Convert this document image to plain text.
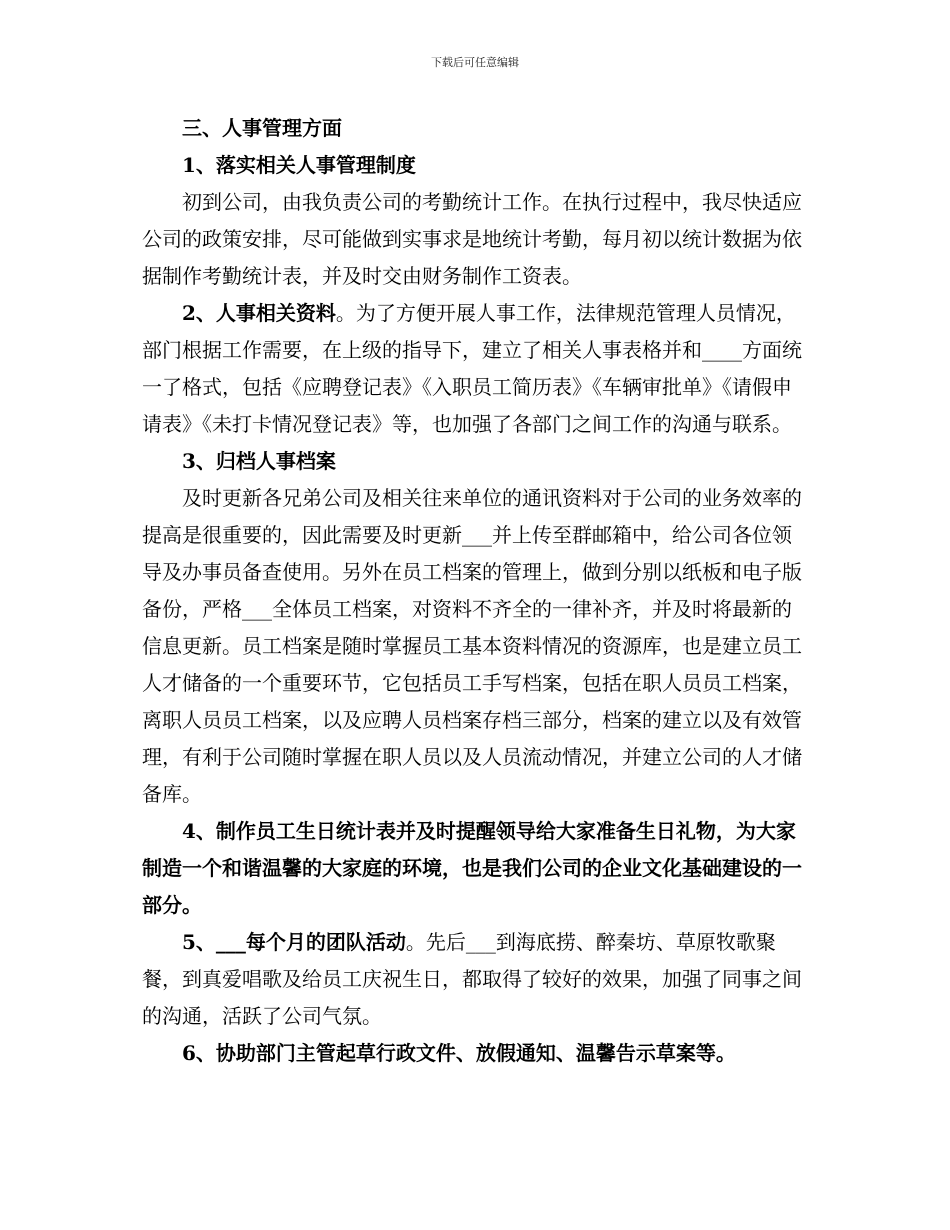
下载后可任意编辑

三、人事管理方面

1、落实相关人事管理制度

初到公司，由我负责公司的考勤统计工作。在执行过程中，我尽快适应公司的政策安排，尽可能做到实事求是地统计考勤，每月初以统计数据为依据制作考勤统计表，并及时交由财务制作工资表。

2、人事相关资料。为了方便开展人事工作，法律规范管理人员情况，部门根据工作需要，在上级的指导下，建立了相关人事表格并和____方面统一了格式，包括《应聘登记表》《入职员工简历表》《车辆审批单》《请假申请表》《未打卡情况登记表》等，也加强了各部门之间工作的沟通与联系。

3、归档人事档案

及时更新各兄弟公司及相关往来单位的通讯资料对于公司的业务效率的提高是很重要的，因此需要及时更新___并上传至群邮箱中，给公司各位领导及办事员备查使用。另外在员工档案的管理上，做到分别以纸板和电子版备份，严格___全体员工档案，对资料不齐全的一律补齐，并及时将最新的信息更新。员工档案是随时掌握员工基本资料情况的资源库，也是建立员工人才储备的一个重要环节，它包括员工手写档案，包括在职人员员工档案，离职人员员工档案，以及应聘人员档案存档三部分，档案的建立以及有效管理，有利于公司随时掌握在职人员以及人员流动情况，并建立公司的人才储备库。

4、制作员工生日统计表并及时提醒领导给大家准备生日礼物，为大家制造一个和谐温馨的大家庭的环境，也是我们公司的企业文化基础建设的一部分。

5、___每个月的团队活动。先后___到海底捞、醉秦坊、草原牧歌聚餐，到真爱唱歌及给员工庆祝生日，都取得了较好的效果，加强了同事之间的沟通，活跃了公司气氛。

6、协助部门主管起草行政文件、放假通知、温馨告示草案等。
